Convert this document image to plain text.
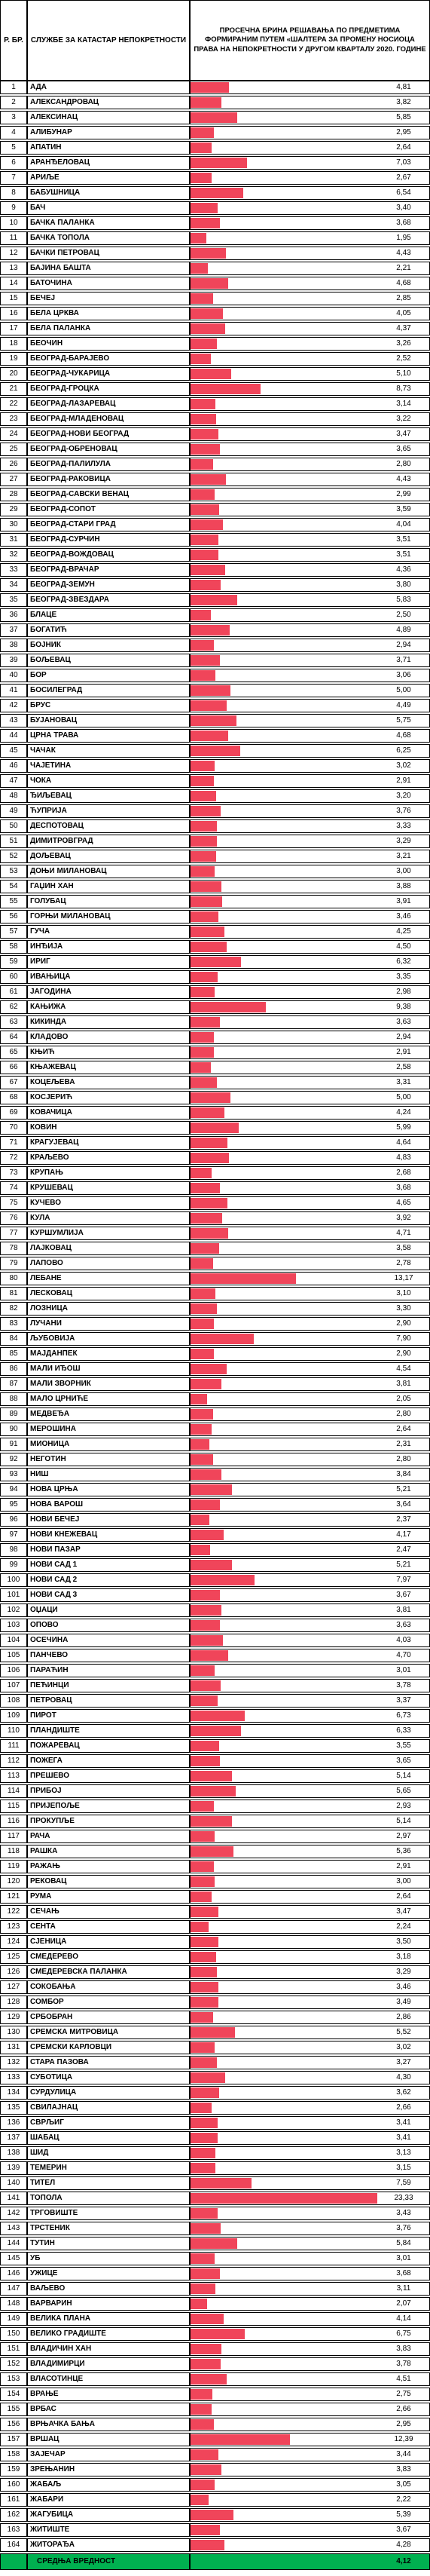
Р. БР. СЛУЖБЕ ЗА КАТАСТАР НЕПОКРЕТНОСТИ
ПРОСЕЧНА БРИНА РЕШАВАЊА ПО ПРЕДМЕТИМА ФОРМИРАНИМ ПУТЕМ «ШАЛТЕРА ЗА ПРОМЕНУ НОСИОЦА ПРАВА НА НЕПОКРЕТНОСТИ У ДРУГОМ КВАРТАЛУ 2020. ГОДИНЕ
1	АДА	4,81
2	АЛЕКСАНДРОВАЦ	3,82
3	АЛЕКСИНАЦ	5,85
4	АЛИБУНАР	2,95
5	АПАТИН	2,64
6	АРАНЂЕЛОВАЦ	7,03
7	АРИЉЕ	2,67
8	БАБУШНИЦА	6,54
9	БАЧ	3,40
10	БАЧКА ПАЛАНКА	3,68
11	БАЧКА ТОПОЛА	1,95
12	БАЧКИ ПЕТРОВАЦ	4,43
13	БАЈИНА БАШТА	2,21
14	БАТОЧИНА	4,68
15	БЕЧЕЈ	2,85
16	БЕЛА ЦРКВА	4,05
17	БЕЛА ПАЛАНКА	4,37
18	БЕОЧИН	3,26
19	БЕОГРАД-БАРАЈЕВО	2,52
20	БЕОГРАД-ЧУКАРИЦА	5,10
21	БЕОГРАД-ГРОЦКА	8,73
22	БЕОГРАД-ЛАЗАРЕВАЦ	3,14
23	БЕОГРАД-МЛАДЕНОВАЦ	3,22
24	БЕОГРАД-НОВИ БЕОГРАД	3,47
25	БЕОГРАД-ОБРЕНОВАЦ	3,65
26	БЕОГРАД-ПАЛИЛУЛА	2,80
27	БЕОГРАД-РАКОВИЦА	4,43
28	БЕОГРАД-САВСКИ ВЕНАЦ	2,99
29	БЕОГРАД-СОПОТ	3,59
30	БЕОГРАД-СТАРИ ГРАД	4,04
31	БЕОГРАД-СУРЧИН	3,51
32	БЕОГРАД-ВОЖДОВАЦ	3,51
33	БЕОГРАД-ВРАЧАР	4,36
34	БЕОГРАД-ЗЕМУН	3,80
35	БЕОГРАД-ЗВЕЗДАРА	5,83
36	БЛАЦЕ	2,50
37	БОГАТИЋ	4,89
38	БОЈНИК	2,94
39	БОЉЕВАЦ	3,71
40	БОР	3,06
41	БОСИЛЕГРАД	5,00
42	БРУС	4,49
43	БУЈАНОВАЦ	5,75
44	ЦРНА ТРАВА	4,68
45	ЧАЧАК	6,25
46	ЧАЈЕТИНА	3,02
47	ЧОКА	2,91
48	ЂИЉЕВАЦ	3,20
49	ЋУПРИЈА	3,76
50	ДЕСПОТОВАЦ	3,33
51	ДИМИТРОВГРАД	3,29
52	ДОЉЕВАЦ	3,21
53	ДОЊИ МИЛАНОВАЦ	3,00
54	ГАЏИН ХАН	3,88
55	ГОЛУБАЦ	3,91
56	ГОРЊИ МИЛАНОВАЦ	3,46
57	ГУЧА	4,25
58	ИНЂИЈА	4,50
59	ИРИГ	6,32
60	ИВАЊИЦА	3,35
61	ЈАГОДИНА	2,98
62	КАЊИЖА	9,38
63	КИКИНДА	3,63
64	КЛАДОВО	2,94
65	КЊИЋ	2,91
66	КЊАЖЕВАЦ	2,58
67	КОЦЕЉЕВА	3,31
68	КОСЈЕРИЋ	5,00
69	КОВАЧИЦА	4,24
70	КОВИН	5,99
71	КРАГУЈЕВАЦ	4,64
72	КРАЉЕВО	4,83
73	КРУПАЊ	2,68
74	КРУШЕВАЦ	3,68
75	КУЧЕВО	4,65
76	КУЛА	3,92
77	КУРШУМЛИЈА	4,71
78	ЛАЈКОВАЦ	3,58
79	ЛАПОВО	2,78
80	ЛЕБАНЕ	13,17
81	ЛЕСКОВАЦ	3,10
82	ЛОЗНИЦА	3,30
83	ЛУЧАНИ	2,90
84	ЉУБОВИЈА	7,90
85	МАЈДАНПЕК	2,90
86	МАЛИ ИЂОШ	4,54
87	МАЛИ ЗВОРНИК	3,81
88	МАЛО ЦРНИЋЕ	2,05
89	МЕДВЕЂА	2,80
90	МЕРОШИНА	2,64
91	МИОНИЦА	2,31
92	НЕГОТИН	2,80
93	НИШ	3,84
94	НОВА ЦРЊА	5,21
95	НОВА ВАРОШ	3,64
96	НОВИ БЕЧЕЈ	2,37
97	НОВИ КНЕЖЕВАЦ	4,17
98	НОВИ ПАЗАР	2,47
99	НОВИ САД 1	5,21
100	НОВИ САД 2	7,97
101	НОВИ САД 3	3,67
102	ОЏАЦИ	3,81
103	ОПОВО	3,63
104	ОСЕЧИНА	4,03
105	ПАНЧЕВО	4,70
106	ПАРАЋИН	3,01
107	ПЕЋИНЦИ	3,78
108	ПЕТРОВАЦ	3,37
109	ПИРОТ	6,73
110	ПЛАНДИШТЕ	6,33
111	ПОЖАРЕВАЦ	3,55
112	ПОЖЕГА	3,65
113	ПРЕШЕВО	5,14
114	ПРИБОЈ	5,65
115	ПРИЈЕПОЉЕ	2,93
116	ПРОКУПЉЕ	5,14
117	РАЧА	2,97
118	РАШКА	5,36
119	РАЖАЊ	2,91
120	РЕКОВАЦ	3,00
121	РУМА	2,64
122	СЕЧАЊ	3,47
123	СЕНТА	2,24
124	СЈЕНИЦА	3,50
125	СМЕДЕРЕВО	3,18
126	СМЕДЕРЕВСКА ПАЛАНКА	3,29
127	СОКОБАЊА	3,46
128	СОМБОР	3,49
129	СРБОБРАН	2,86
130	СРЕМСКА МИТРОВИЦА	5,52
131	СРЕМСКИ КАРЛОВЦИ	3,02
132	СТАРА ПАЗОВА	3,27
133	СУБОТИЦА	4,30
134	СУРДУЛИЦА	3,62
135	СВИЛАЈНАЦ	2,66
136	СВРЉИГ	3,41
137	ШАБАЦ	3,41
138	ШИД	3,13
139	ТЕМЕРИН	3,15
140	ТИТЕЛ	7,59
141	ТОПОЛА	23,33
142	ТРГОВИШТЕ	3,43
143	ТРСТЕНИК	3,76
144	ТУТИН	5,84
145	УБ	3,01
146	УЖИЦЕ	3,68
147	ВАЉЕВО	3,11
148	ВАРВАРИН	2,07
149	ВЕЛИКА ПЛАНА	4,14
150	ВЕЛИКО ГРАДИШТЕ	6,75
151	ВЛАДИЧИН ХАН	3,83
152	ВЛАДИМИРЦИ	3,78
153	ВЛАСОТИНЦЕ	4,51
154	ВРАЊЕ	2,75
155	ВРБАС	2,66
156	ВРЊАЧКА БАЊА	2,95
157	ВРШАЦ	12,39
158	ЗАЈЕЧАР	3,44
159	ЗРЕЊАНИН	3,83
160	ЖАБАЉ	3,05
161	ЖАБАРИ	2,22
162	ЖАГУБИЦА	5,39
163	ЖИТИШТЕ	3,67
164	ЖИТОРАЂА	4,28
СРЕДЊА ВРЕДНОСТ	4,12
